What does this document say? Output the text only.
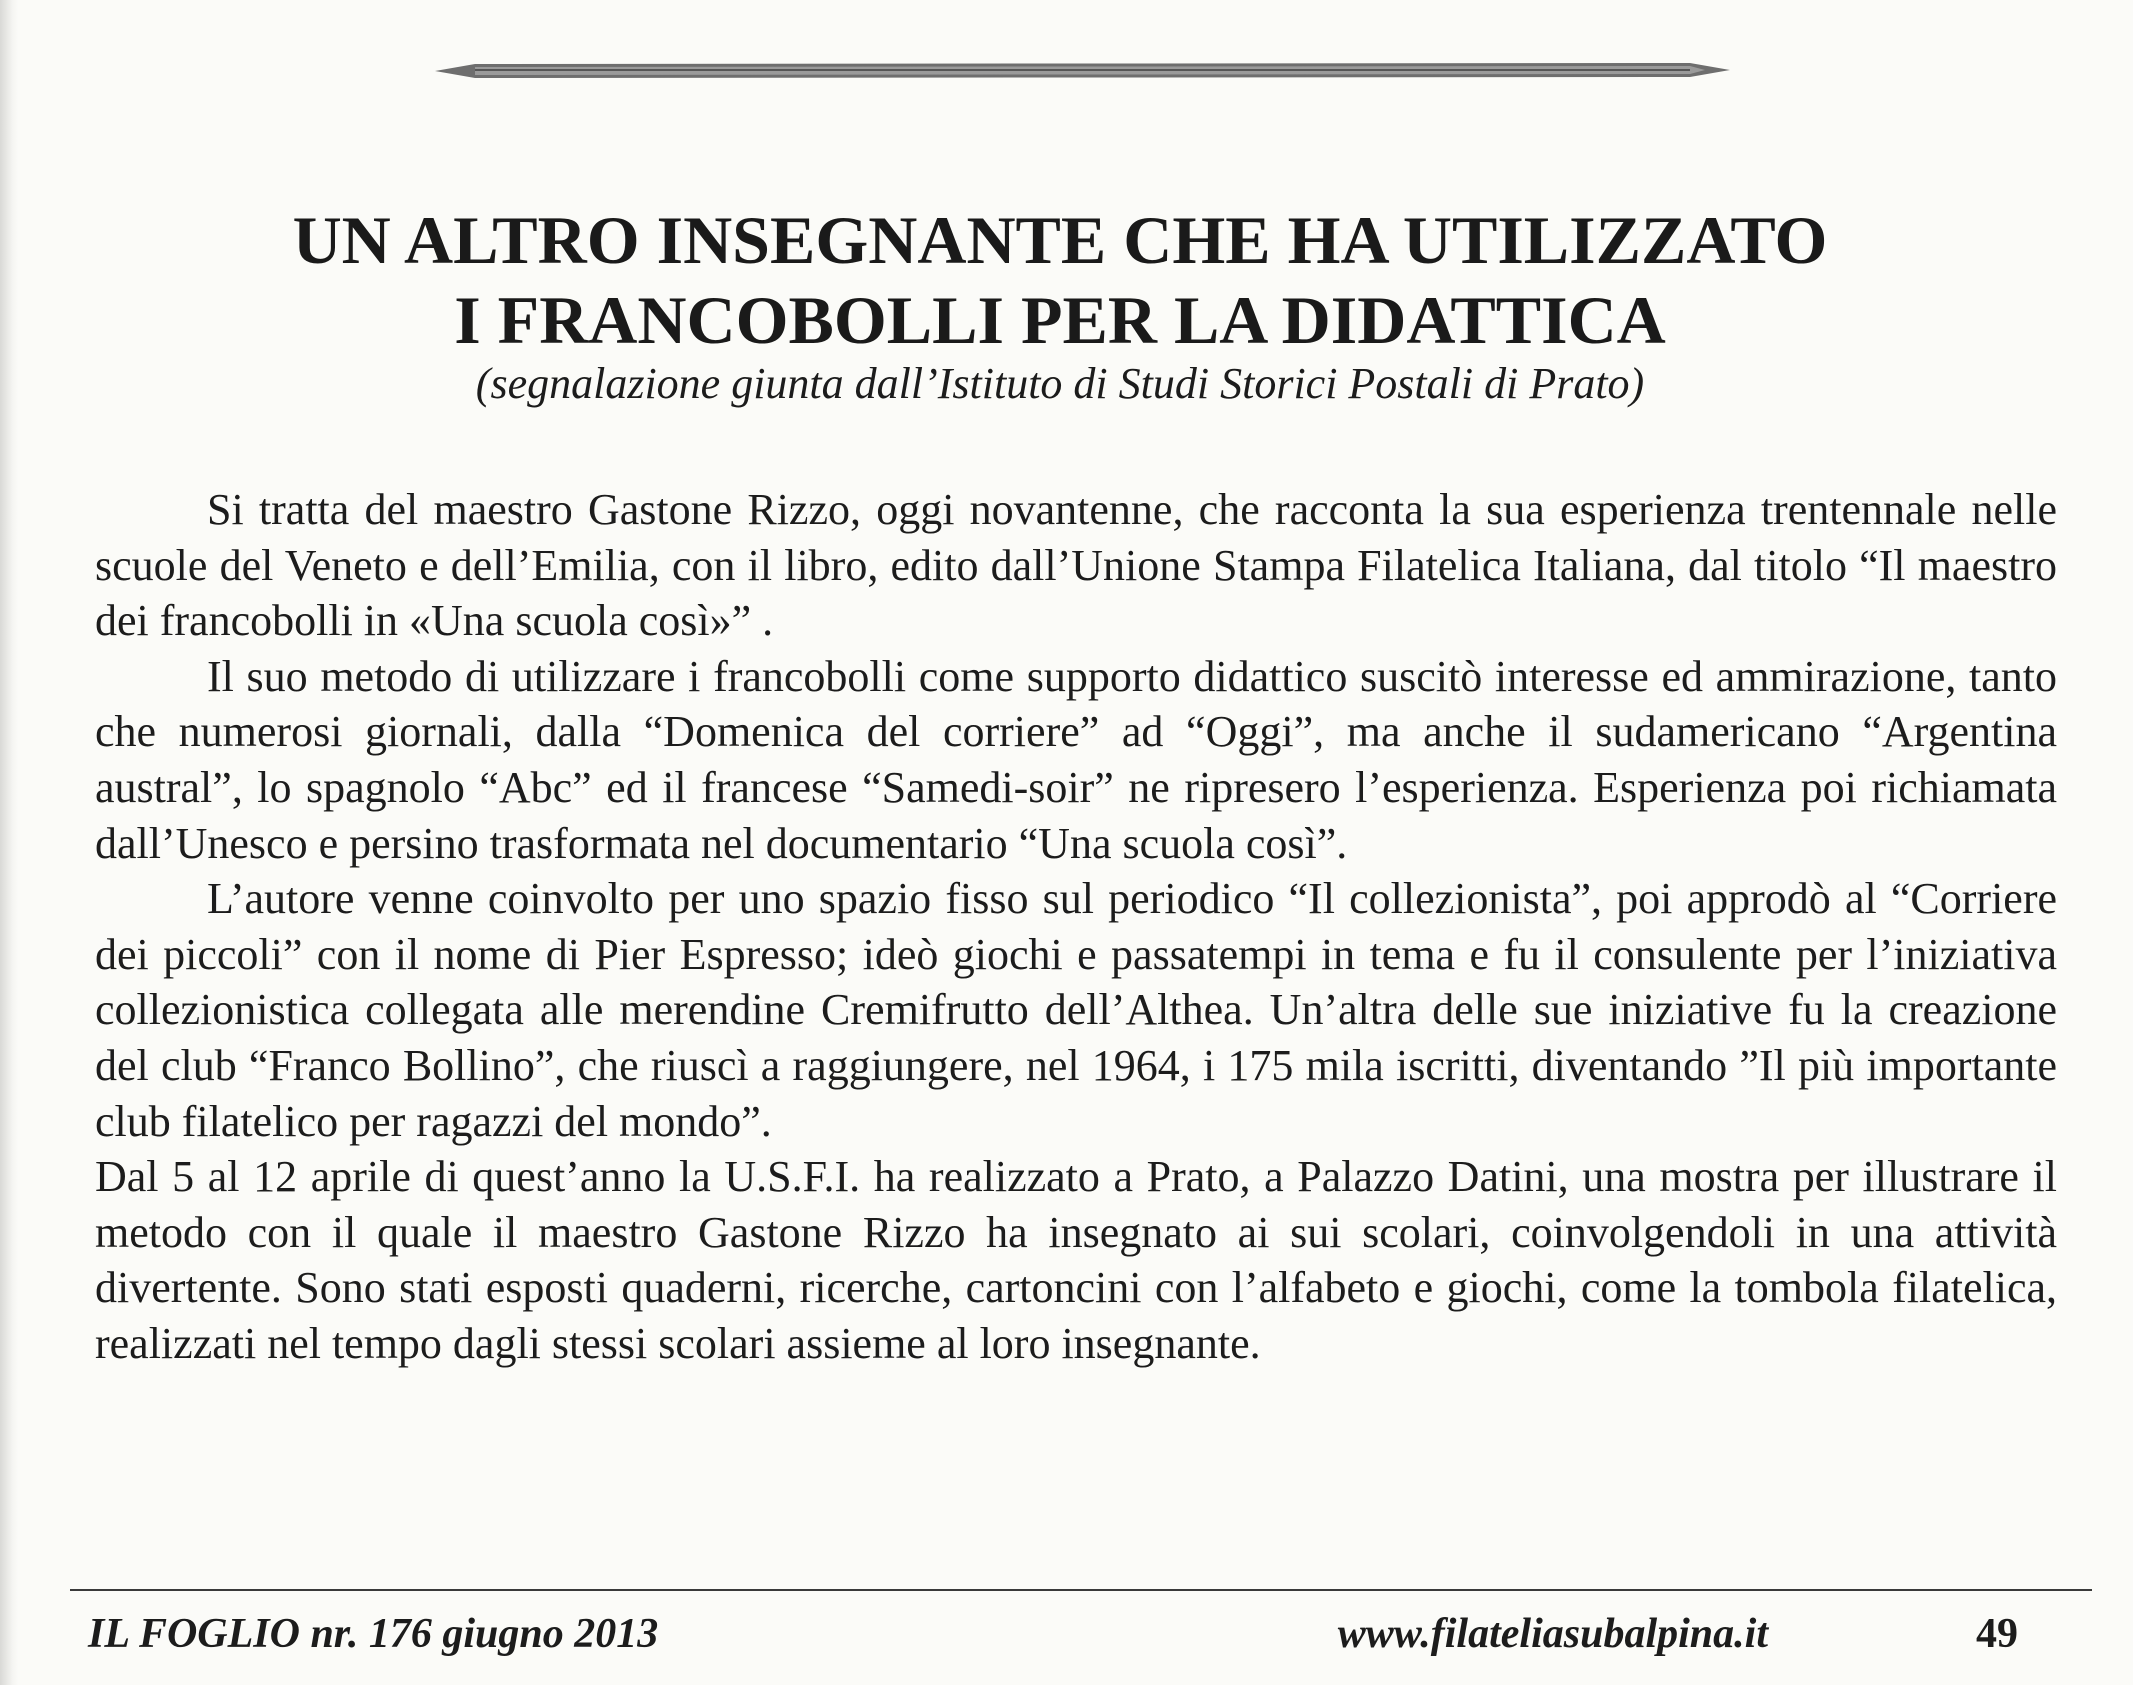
UN ALTRO INSEGNANTE CHE HA UTILIZZATO
I FRANCOBOLLI PER LA DIDATTICA

(segnalazione giunta dall’Istituto di Studi Storici Postali di Prato)

Si tratta del maestro Gastone Rizzo, oggi novantenne, che racconta la sua esperienza trentennale nelle scuole del Veneto e dell’Emilia, con il libro, edito dall’Unione Stampa Filatelica Italiana, dal titolo “Il maestro dei francobolli in «Una scuola così»” .

Il suo metodo di utilizzare i francobolli come supporto didattico suscitò interesse ed ammirazione, tanto che numerosi giornali, dalla “Domenica del corriere” ad “Oggi”, ma anche il sudamericano “Argentina austral”, lo spagnolo “Abc” ed il francese “Samedi-soir” ne ripresero l’esperienza. Esperienza poi richiamata dall’Unesco e persino trasformata nel documentario “Una scuola così”.

L’autore venne coinvolto per uno spazio fisso sul periodico “Il collezionista”, poi approdò al “Corriere dei piccoli” con il nome di Pier Espresso; ideò giochi e passatempi in tema e fu il consulente per l’iniziativa collezionistica collegata alle merendine Cremifrutto dell’Althea. Un’altra delle sue iniziative fu la creazione del club “Franco Bollino”, che riuscì a raggiungere, nel 1964, i 175 mila iscritti, diventando ”Il più importante club filatelico per ragazzi del mondo”.

Dal 5 al 12 aprile di quest’anno la U.S.F.I. ha realizzato a Prato, a Palazzo Datini, una mostra per illustrare il metodo con il quale il maestro Gastone Rizzo ha insegnato ai sui scolari, coinvolgendoli in una attività divertente. Sono stati esposti quaderni, ricerche, cartoncini con l’alfabeto e giochi, come la tombola filatelica, realizzati nel tempo dagli stessi scolari assieme al loro insegnante.

IL FOGLIO nr. 176 giugno 2013	www.filateliasubalpina.it	49
